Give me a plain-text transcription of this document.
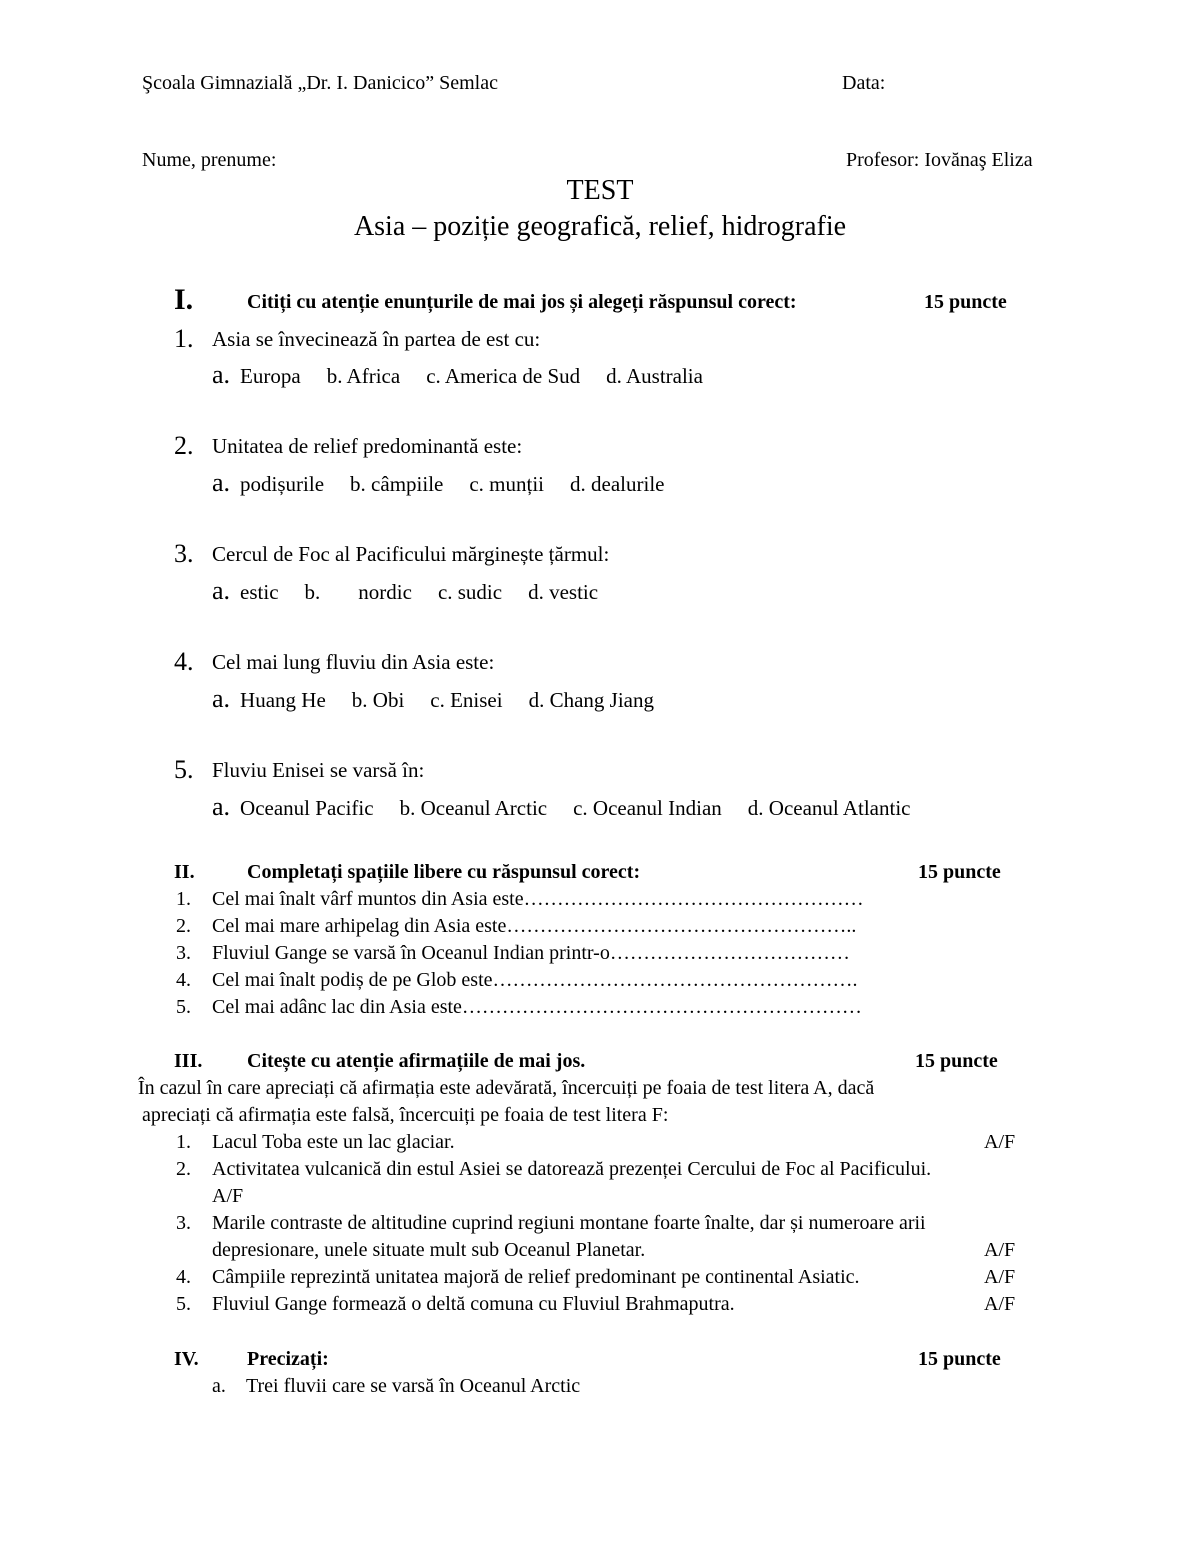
Şcoala Gimnazială „Dr. I. Danicico” Semlac	Data:
Nume, prenume:	Profesor: Iovănaş Eliza
TEST
Asia – poziție geografică, relief, hidrografie
I.	Citiți cu atenție enunțurile de mai jos și alegeți răspunsul corect:	15 puncte
1. Asia se învecinează în partea de est cu:
a. Europa b. Africa c. America de Sud d. Australia
2. Unitatea de relief predominantă este:
a. podișurile b. câmpiile c. munții d. dealurile
3. Cercul de Foc al Pacificului mărginește țărmul:
a. estic b. nordic c. sudic d. vestic
4. Cel mai lung fluviu din Asia este:
a. Huang He b. Obi c. Enisei d. Chang Jiang
5. Fluviu Enisei se varsă în:
a. Oceanul Pacific b. Oceanul Arctic c. Oceanul Indian d. Oceanul Atlantic
II.	Completați spațiile libere cu răspunsul corect:	15 puncte
1. Cel mai înalt vârf muntos din Asia este……………………………………………
2. Cel mai mare arhipelag din Asia este……………………………………………..
3. Fluviul Gange se varsă în Oceanul Indian printr-o………………………………
4. Cel mai înalt podiș de pe Glob este……………………………………………….
5. Cel mai adânc lac din Asia este……………………………………………………
III. Citește cu atenție afirmațiile de mai jos.	15 puncte
În cazul în care apreciați că afirmația este adevărată, încercuiți pe foaia de test litera A, dacă
apreciați că afirmația este falsă, încercuiți pe foaia de test litera F:
1. Lacul Toba este un lac glaciar.	A/F
2. Activitatea vulcanică din estul Asiei se datorează prezenței Cercului de Foc al Pacificului.
A/F
3. Marile contraste de altitudine cuprind regiuni montane foarte înalte, dar și numeroare arii
depresionare, unele situate mult sub Oceanul Planetar.	A/F
4. Câmpiile reprezintă unitatea majoră de relief predominant pe continental Asiatic.	A/F
5. Fluviul Gange formează o deltă comuna cu Fluviul Brahmaputra.	A/F
IV. Precizați:	15 puncte
a. Trei fluvii care se varsă în Oceanul Arctic
